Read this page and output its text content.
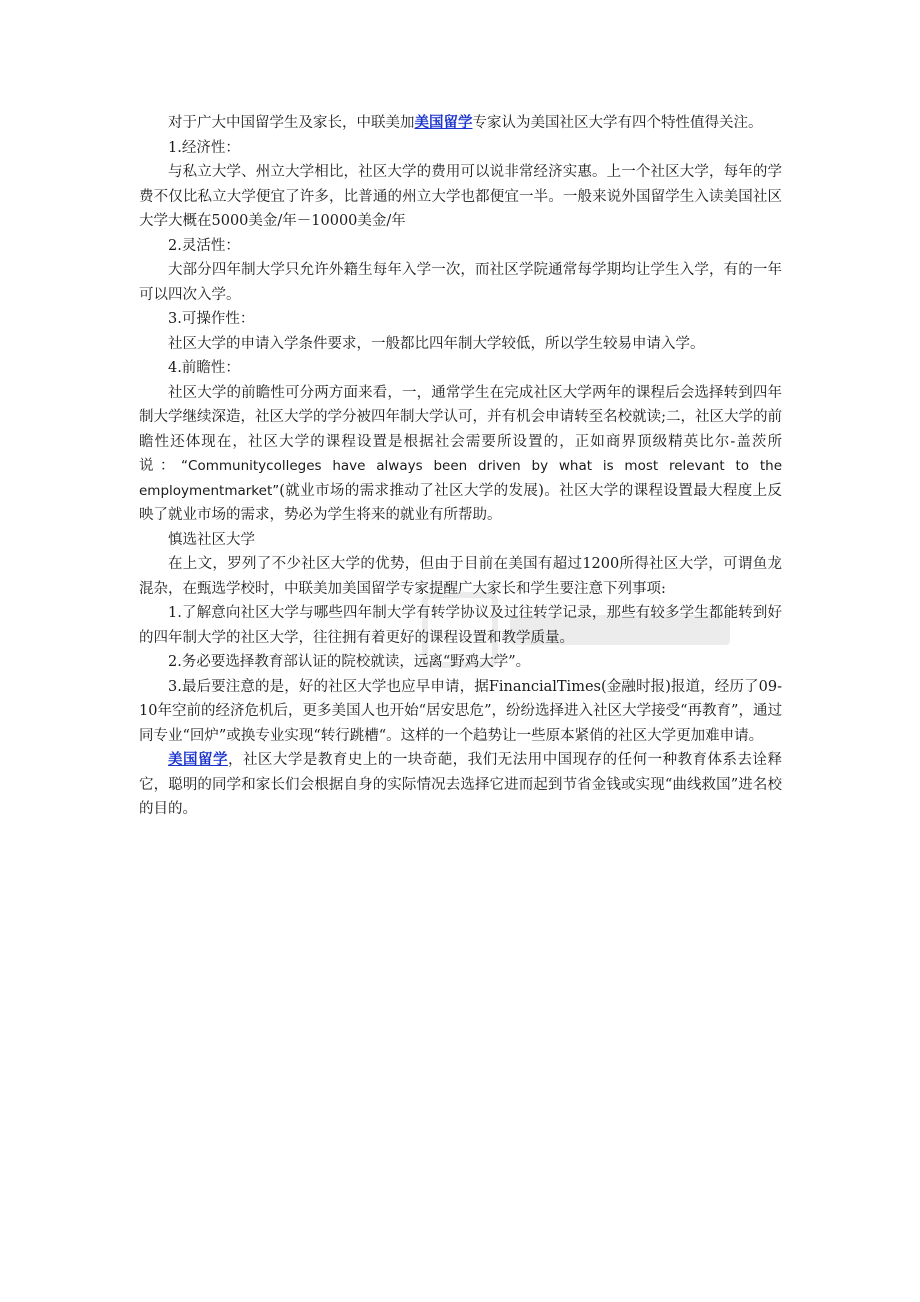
对于广大中国留学生及家长，中联美加美国留学专家认为美国社区大学有四个特性值得关注。

1.经济性：

与私立大学、州立大学相比，社区大学的费用可以说非常经济实惠。上一个社区大学，每年的学费不仅比私立大学便宜了许多，比普通的州立大学也都便宜一半。一般来说外国留学生入读美国社区大学大概在5000美金/年－10000美金/年

2.灵活性：

大部分四年制大学只允许外籍生每年入学一次，而社区学院通常每学期均让学生入学，有的一年可以四次入学。

3.可操作性：

社区大学的申请入学条件要求，一般都比四年制大学较低，所以学生较易申请入学。

4.前瞻性：

社区大学的前瞻性可分两方面来看，一，通常学生在完成社区大学两年的课程后会选择转到四年制大学继续深造，社区大学的学分被四年制大学认可，并有机会申请转至名校就读;二，社区大学的前瞻性还体现在，社区大学的课程设置是根据社会需要所设置的，正如商界顶级精英比尔-盖茨所说：“Communitycolleges have always been driven by what is most relevant to the employmentmarket”(就业市场的需求推动了社区大学的发展)。社区大学的课程设置最大程度上反映了就业市场的需求，势必为学生将来的就业有所帮助。

慎选社区大学

在上文，罗列了不少社区大学的优势，但由于目前在美国有超过1200所得社区大学，可谓鱼龙混杂，在甄选学校时，中联美加美国留学专家提醒广大家长和学生要注意下列事项:

1.了解意向社区大学与哪些四年制大学有转学协议及过往转学记录，那些有较多学生都能转到好的四年制大学的社区大学，往往拥有着更好的课程设置和教学质量。

2.务必要选择教育部认证的院校就读，远离“野鸡大学”。

3.最后要注意的是，好的社区大学也应早申请，据FinancialTimes(金融时报)报道，经历了09-10年空前的经济危机后，更多美国人也开始“居安思危”，纷纷选择进入社区大学接受“再教育”，通过同专业“回炉”或换专业实现“转行跳槽“。这样的一个趋势让一些原本紧俏的社区大学更加难申请。

美国留学，社区大学是教育史上的一块奇葩，我们无法用中国现存的任何一种教育体系去诠释它，聪明的同学和家长们会根据自身的实际情况去选择它进而起到节省金钱或实现“曲线救国”进名校的目的。
